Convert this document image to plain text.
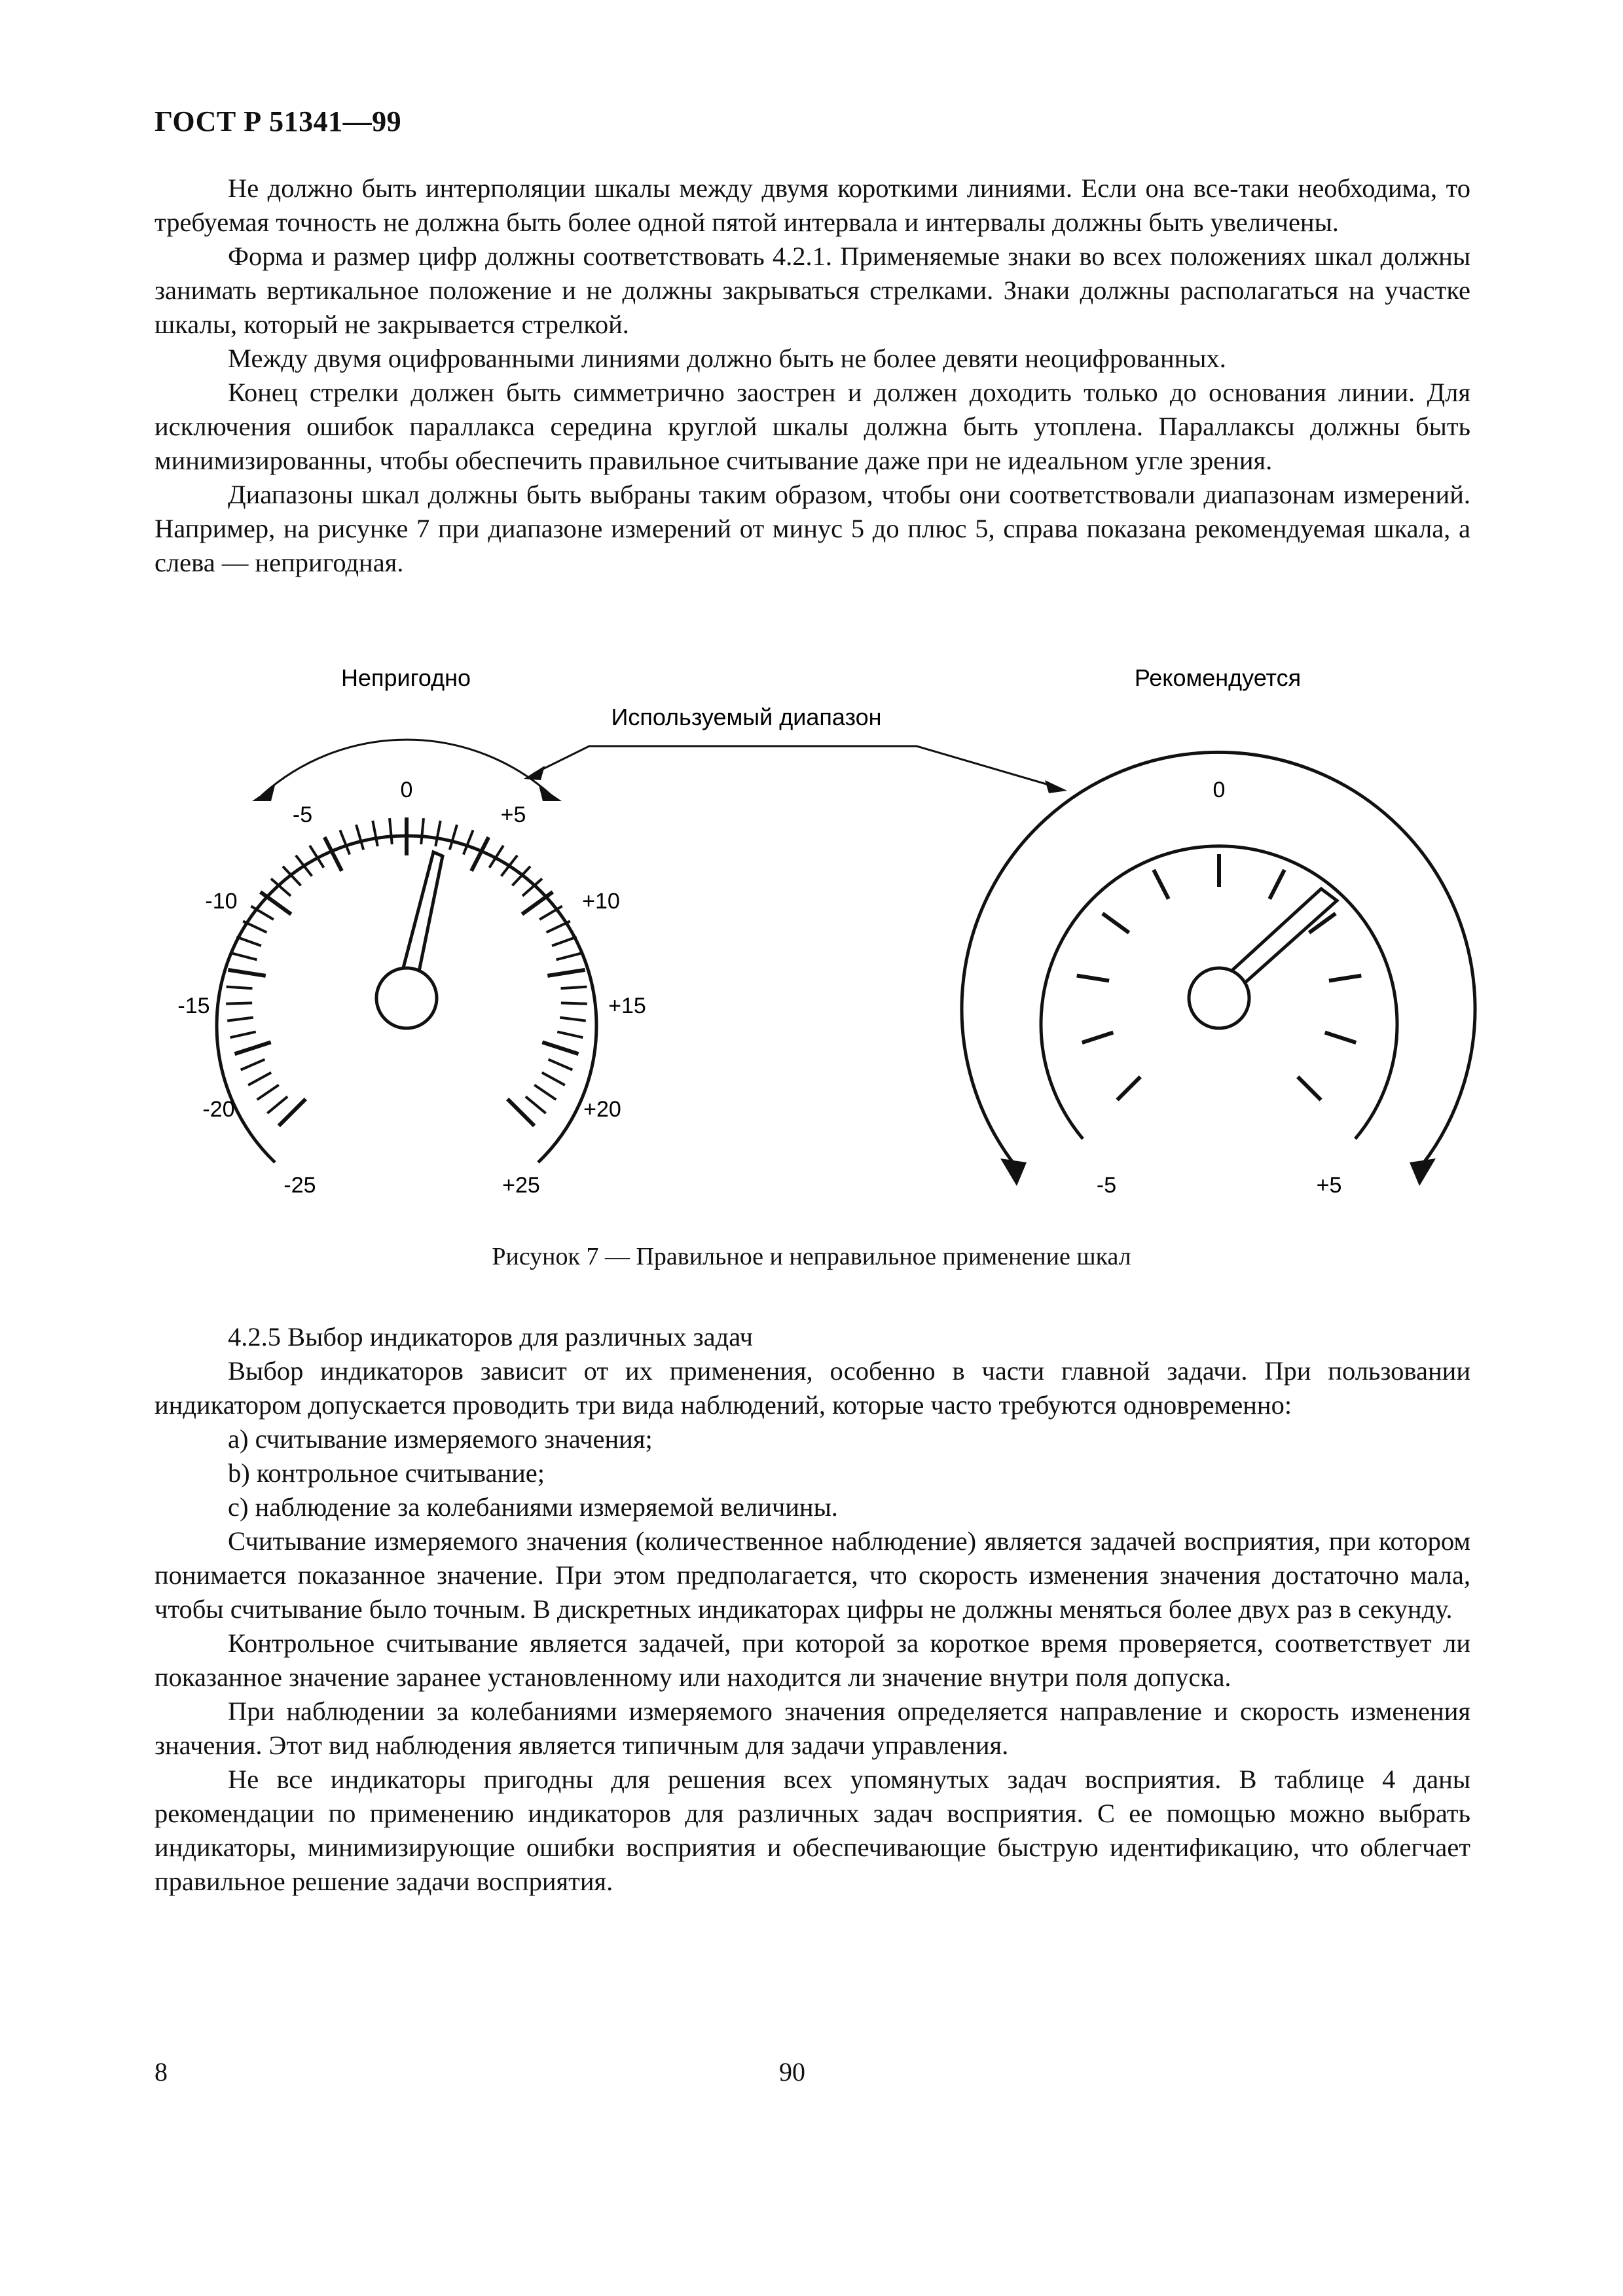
ГОСТ Р 51341—99

Не должно быть интерполяции шкалы между двумя короткими линиями. Если она все-таки необходима, то требуемая точность не должна быть более одной пятой интервала и интервалы должны быть увеличены.

Форма и размер цифр должны соответствовать 4.2.1. Применяемые знаки во всех положениях шкал должны занимать вертикальное положение и не должны закрываться стрелками. Знаки должны располагаться на участке шкалы, который не закрывается стрелкой.

Между двумя оцифрованными линиями должно быть не более девяти неоцифрованных.

Конец стрелки должен быть симметрично заострен и должен доходить только до основания линии. Для исключения ошибок параллакса середина круглой шкалы должна быть утоплена. Параллаксы должны быть минимизированны, чтобы обеспечить правильное считывание даже при не идеальном угле зрения.

Диапазоны шкал должны быть выбраны таким образом, чтобы они соответствовали диапазонам измерений. Например, на рисунке 7 при диапазоне измерений от минус 5 до плюс 5, справа показана рекомендуемая шкала, а слева — непригодная.

Непригодно	Рекомендуется
Используемый диапазон
0
-5	+5
-10	+10
-15	+15
-20	+20
-25	+25
0
-5	+5
Рисунок 7 — Правильное и неправильное применение шкал

4.2.5 Выбор индикаторов для различных задач

Выбор индикаторов зависит от их применения, особенно в части главной задачи. При пользовании индикатором допускается проводить три вида наблюдений, которые часто требуются одновременно:

a) считывание измеряемого значения;

b) контрольное считывание;

c) наблюдение за колебаниями измеряемой величины.

Считывание измеряемого значения (количественное наблюдение) является задачей восприятия, при котором понимается показанное значение. При этом предполагается, что скорость изменения значения достаточно мала, чтобы считывание было точным. В дискретных индикаторах цифры не должны меняться более двух раз в секунду.

Контрольное считывание является задачей, при которой за короткое время проверяется, соответствует ли показанное значение заранее установленному или находится ли значение внутри поля допуска.

При наблюдении за колебаниями измеряемого значения определяется направление и скорость изменения значения. Этот вид наблюдения является типичным для задачи управления.

Не все индикаторы пригодны для решения всех упомянутых задач восприятия. В таблице 4 даны рекомендации по применению индикаторов для различных задач восприятия. С ее помощью можно выбрать индикаторы, минимизирующие ошибки восприятия и обеспечивающие быструю идентификацию, что облегчает правильное решение задачи восприятия.

8	90
